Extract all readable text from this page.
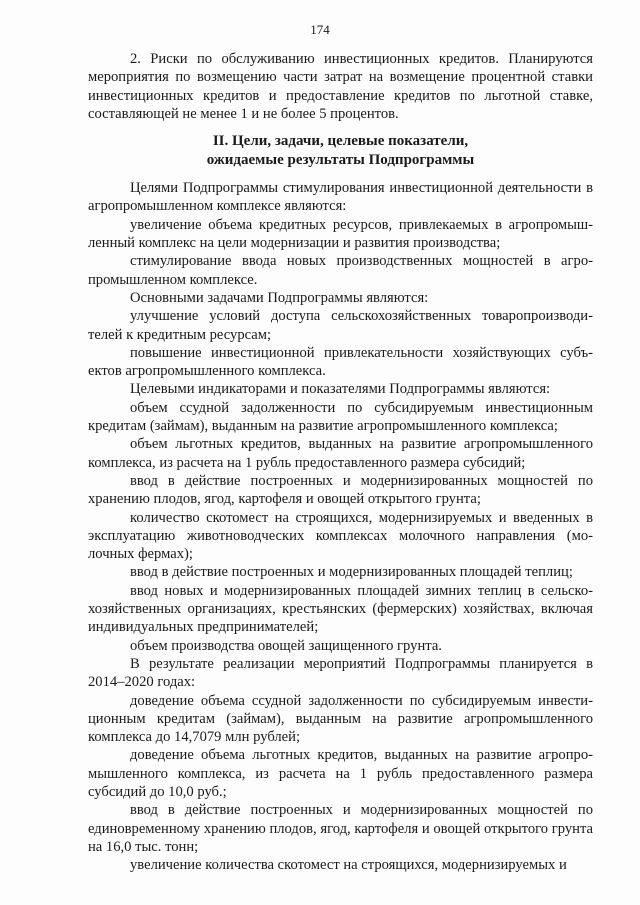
174

2. Риски по обслуживанию инвестиционных кредитов. Планируются мероприятия по возмещению части затрат на возмещение процентной ставки инвестиционных кредитов и предоставление кредитов по льготной ставке, составляющей не менее 1 и не более 5 процентов.

II. Цели, задачи, целевые показатели,
ожидаемые результаты Подпрограммы

Целями Подпрограммы стимулирования инвестиционной деятельности в агропромышленном комплексе являются:

увеличение объема кредитных ресурсов, привлекаемых в агропромышленный комплекс на цели модернизации и развития производства;

стимулирование ввода новых производственных мощностей в агропромышленном комплексе.

Основными задачами Подпрограммы являются:

улучшение условий доступа сельскохозяйственных товаропроизводителей к кредитным ресурсам;

повышение инвестиционной привлекательности хозяйствующих субъектов агропромышленного комплекса.

Целевыми индикаторами и показателями Подпрограммы являются:

объем ссудной задолженности по субсидируемым инвестиционным кредитам (займам), выданным на развитие агропромышленного комплекса;

объем льготных кредитов, выданных на развитие агропромышленного комплекса, из расчета на 1 рубль предоставленного размера субсидий;

ввод в действие построенных и модернизированных мощностей по хранению плодов, ягод, картофеля и овощей открытого грунта;

количество скотомест на строящихся, модернизируемых и введенных в эксплуатацию животноводческих комплексах молочного направления (молочных фермах);

ввод в действие построенных и модернизированных площадей теплиц;

ввод новых и модернизированных площадей зимних теплиц в сельскохозяйственных организациях, крестьянских (фермерских) хозяйствах, включая индивидуальных предпринимателей;

объем производства овощей защищенного грунта.

В результате реализации мероприятий Подпрограммы планируется в 2014–2020 годах:

доведение объема ссудной задолженности по субсидируемым инвестиционным кредитам (займам), выданным на развитие агропромышленного комплекса до 14,7079 млн рублей;

доведение объема льготных кредитов, выданных на развитие агропромышленного комплекса, из расчета на 1 рубль предоставленного размера субсидий до 10,0 руб.;

ввод в действие построенных и модернизированных мощностей по единовременному хранению плодов, ягод, картофеля и овощей открытого грунта на 16,0 тыс. тонн;

увеличение количества скотомест на строящихся, модернизируемых и
